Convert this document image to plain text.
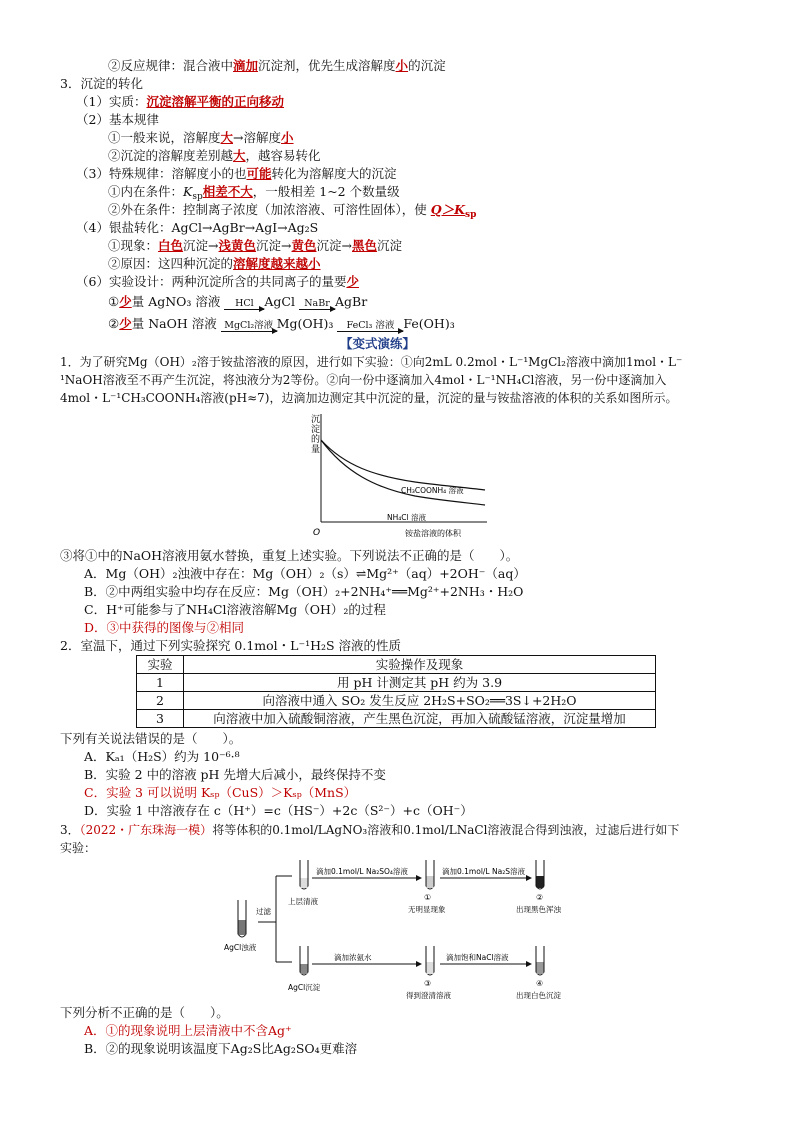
②反应规律：混合液中滴加沉淀剂，优先生成溶解度小的沉淀
3．沉淀的转化
（1）实质：沉淀溶解平衡的正向移动
（2）基本规律
①一般来说，溶解度大→溶解度小
②沉淀的溶解度差别越大，越容易转化
（3）特殊规律：溶解度小的也可能转化为溶解度大的沉淀
①内在条件：$K_{sp}$相差不大，一般相差 1~2 个数量级
②外在条件：控制离子浓度（加浓溶液、可溶性固体），使 $Q>K_{sp}$
（4）银盐转化：AgCl→AgBr→AgI→Ag₂S
①现象：白色沉淀→浅黄色沉淀→黄色沉淀→黑色沉淀
②原因：这四种沉淀的溶解度越来越小
（6）实验设计：两种沉淀所含的共同离子的量要少
①少量 AgNO₃ 溶液	HCl AgCl NaBr AgBr
②少量 NaOH 溶液 MgCl₂溶液 Mg(OH)₃	FeCl₃ 溶液 Fe(OH)₃
【变式演练】
1．为了研究Mg（OH）₂溶于铵盐溶液的原因，进行如下实验：①向2mL 0.2mol・L⁻¹MgCl₂溶液中滴加1mol・L⁻
¹NaOH溶液至不再产生沉淀，将浊液分为2等份。②向一份中逐滴加入4mol・L⁻¹NH₄Cl溶液，另一份中逐滴加入
4mol・L⁻¹CH₃COONH₄溶液(pH≈7)，边滴加边测定其中沉淀的量，沉淀的量与铵盐溶液的体积的关系如图所示。
沉
淀
的
量
O
CH₃COONH₄ 溶液
NH₄Cl 溶液
铵盐溶液的体积
③将①中的NaOH溶液用氨水替换，重复上述实验。下列说法不正确的是（　　）。
A．Mg（OH）₂浊液中存在：Mg（OH）₂（s）⇌Mg²⁺（aq）+2OH⁻（aq）
B．②中两组实验中均存在反应：Mg（OH）₂+2NH₄⁺══Mg²⁺+2NH₃・H₂O
C．H⁺可能参与了NH₄Cl溶液溶解Mg（OH）₂的过程
D．③中获得的图像与②相同
2．室温下，通过下列实验探究 0.1mol・L⁻¹H₂S 溶液的性质
实验	实验操作及现象
1	用 pH 计测定其 pH 约为 3.9
2	向溶液中通入 SO₂ 发生反应 2H₂S+SO₂══3S↓+2H₂O
3	向溶液中加入硫酸铜溶液，产生黑色沉淀，再加入硫酸锰溶液，沉淀量增加
下列有关说法错误的是（　　）。
A．Kₐ₁（H₂S）约为 10⁻⁶·⁸
B．实验 2 中的溶液 pH 先增大后减小，最终保持不变
C．实验 3 可以说明 Kₛₚ（CuS）＞Kₛₚ（MnS）
D．实验 1 中溶液存在 c（H⁺）=c（HS⁻）+2c（S²⁻）+c（OH⁻）
3．（2022・广东珠海一模）将等体积的0.1mol/LAgNO₃溶液和0.1mol/LNaCl溶液混合得到浊液，过滤后进行如下
实验：
过滤
AgCl浊液
滴加0.1mol/L Na₂SO₄溶液	滴加0.1mol/L Na₂S溶液
上层清液	①
无明显现象
②
出现黑色浑浊
滴加浓氨水	滴加饱和NaCl溶液
AgCl沉淀	③
得到澄清溶液
④
出现白色沉淀
下列分析不正确的是（　　）。
A．①的现象说明上层清液中不含Ag⁺
B．②的现象说明该温度下Ag₂S比Ag₂SO₄更难溶
